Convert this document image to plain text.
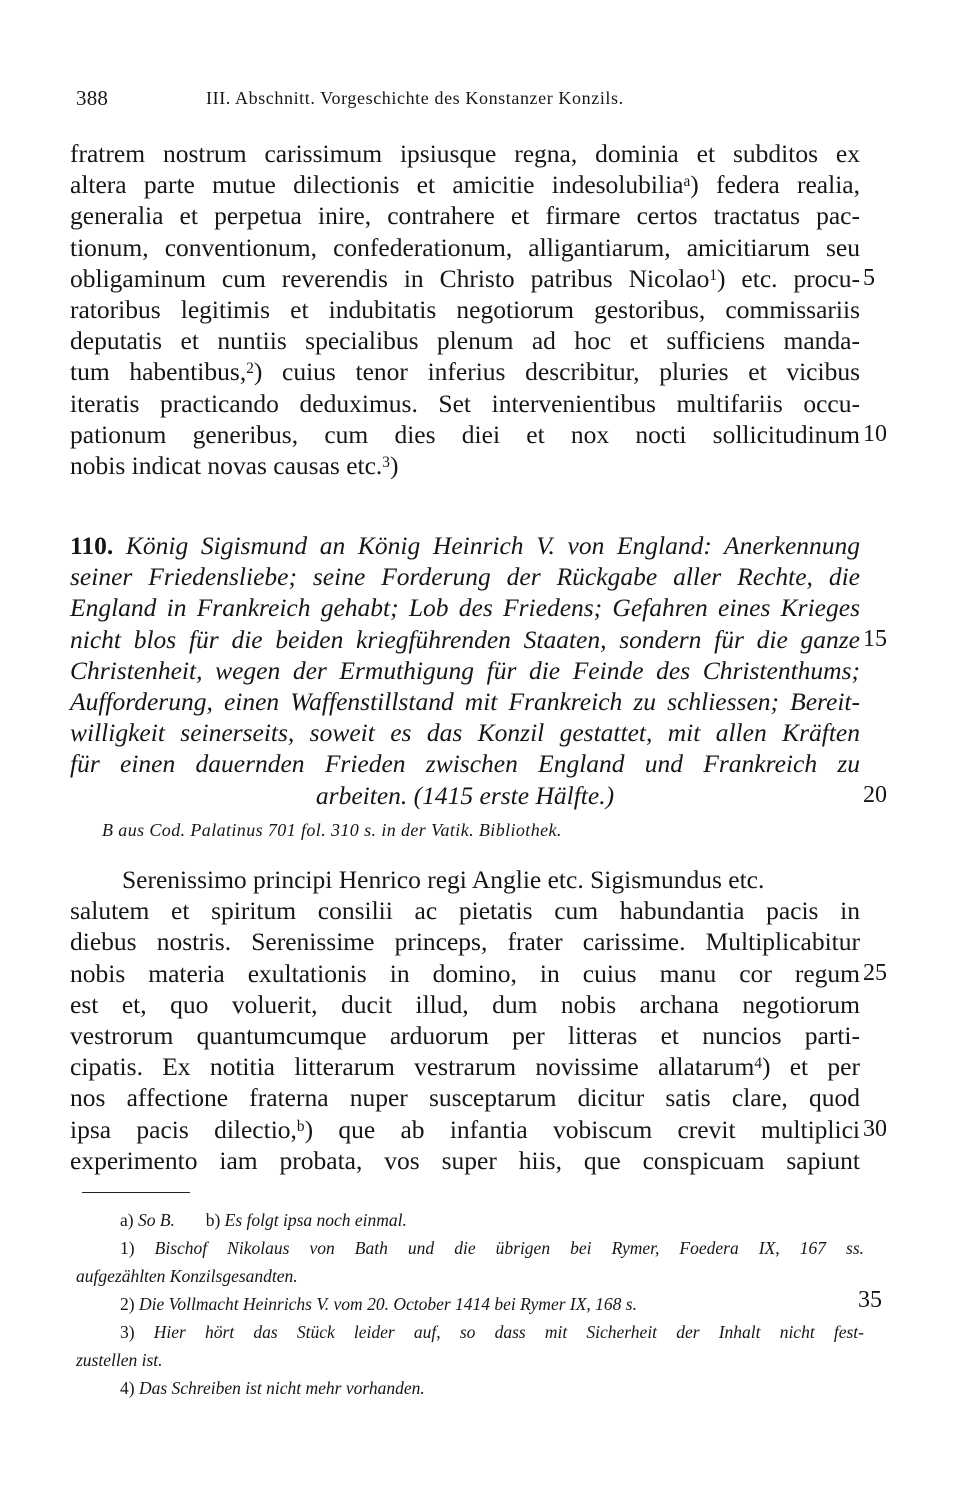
388	III. Abschnitt. Vorgeschichte des Konstanzer Konzils.
fratrem nostrum carissimum ipsiusque regna, dominia et subditos ex
altera parte mutue dilectionis et amicitie indesolubilia$^a$) federa realia,
generalia et perpetua inire, contrahere et firmare certos tractatus pac-
tionum, conventionum, confederationum, alligantiarum, amicitiarum seu
obligaminum cum reverendis in Christo patribus Nicolao$^1$) etc. procu- 5
ratoribus legitimis et indubitatis negotiorum gestoribus, commissariis
deputatis et nuntiis specialibus plenum ad hoc et sufficiens manda-
tum habentibus,$^2$) cuius tenor inferius describitur, pluries et vicibus
iteratis practicando deduximus. Set intervenientibus multifariis occu-
pationum generibus, cum dies diei et nox nocti sollicitudinum 10
nobis indicat novas causas etc.$^3$)
110. König Sigismund an König Heinrich V. von England: Anerkennung
seiner Friedensliebe; seine Forderung der Rückgabe aller Rechte, die
England in Frankreich gehabt; Lob des Friedens; Gefahren eines Krieges
nicht blos für die beiden kriegführenden Staaten, sondern für die ganze 15
Christenheit, wegen der Ermuthigung für die Feinde des Christenthums;
Aufforderung, einen Waffenstillstand mit Frankreich zu schliessen; Bereit-
willigkeit seinerseits, soweit es das Konzil gestattet, mit allen Kräften
für einen dauernden Frieden zwischen England und Frankreich zu
arbeiten. (1415 erste Hälfte.)	20
B aus Cod. Palatinus 701 fol. 310 s. in der Vatik. Bibliothek.
Serenissimo principi Henrico regi Anglie etc. Sigismundus etc.
salutem et spiritum consilii ac pietatis cum habundantia pacis in
diebus nostris. Serenissime princeps, frater carissime. Multiplicabitur
nobis materia exultationis in domino, in cuius manu cor regum 25
est et, quo voluerit, ducit illud, dum nobis archana negotiorum
vestrorum quantumcumque arduorum per litteras et nuncios parti-
cipatis. Ex notitia litterarum vestrarum novissime allatarum$^4$) et per
nos affectione fraterna nuper susceptarum dicitur satis clare, quod
ipsa pacis dilectio,$^b$) que ab infantia vobiscum crevit multiplici 30
experimento iam probata, vos super hiis, que conspicuam sapiunt
a) So B. b) Es folgt ipsa noch einmal.
1) Bischof Nikolaus von Bath und die übrigen bei Rymer, Foedera IX, 167 ss.
aufgezählten Konzilsgesandten.
2) Die Vollmacht Heinrichs V. vom 20. October 1414 bei Rymer IX, 168 s.	35
3) Hier hört das Stück leider auf, so dass mit Sicherheit der Inhalt nicht fest-
zustellen ist.
4) Das Schreiben ist nicht mehr vorhanden.
